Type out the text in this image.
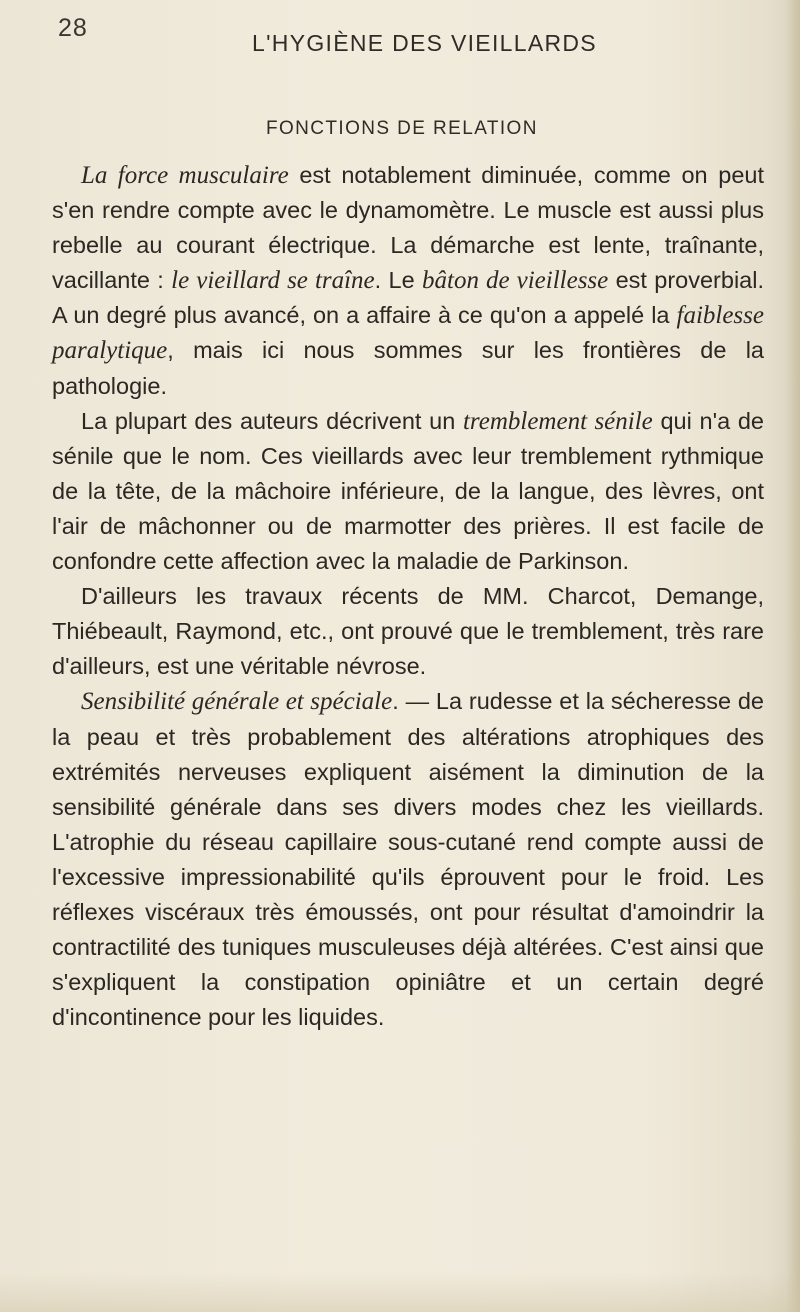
28
L'HYGIÈNE DES VIEILLARDS
FONCTIONS DE RELATION

La force musculaire est notablement diminuée, comme on peut s'en rendre compte avec le dynamomètre. Le muscle est aussi plus rebelle au courant électrique. La démarche est lente, traînante, vacillante : le vieillard se traîne. Le bâton de vieillesse est proverbial. A un degré plus avancé, on a affaire à ce qu'on a appelé la faiblesse paralytique, mais ici nous sommes sur les frontières de la pathologie.

La plupart des auteurs décrivent un tremblement sénile qui n'a de sénile que le nom. Ces vieillards avec leur tremblement rythmique de la tête, de la mâchoire inférieure, de la langue, des lèvres, ont l'air de mâchonner ou de marmotter des prières. Il est facile de confondre cette affection avec la maladie de Parkinson.

D'ailleurs les travaux récents de MM. Charcot, Demange, Thiébeault, Raymond, etc., ont prouvé que le tremblement, très rare d'ailleurs, est une véritable névrose.

Sensibilité générale et spéciale. — La rudesse et la sécheresse de la peau et très probablement des altérations atrophiques des extrémités nerveuses expliquent aisément la diminution de la sensibilité générale dans ses divers modes chez les vieillards. L'atrophie du réseau capillaire sous-cutané rend compte aussi de l'excessive impressionabilité qu'ils éprouvent pour le froid. Les réflexes viscéraux très émoussés, ont pour résultat d'amoindrir la contractilité des tuniques musculeuses déjà altérées. C'est ainsi que s'expliquent la constipation opiniâtre et un certain degré d'incontinence pour les liquides.
